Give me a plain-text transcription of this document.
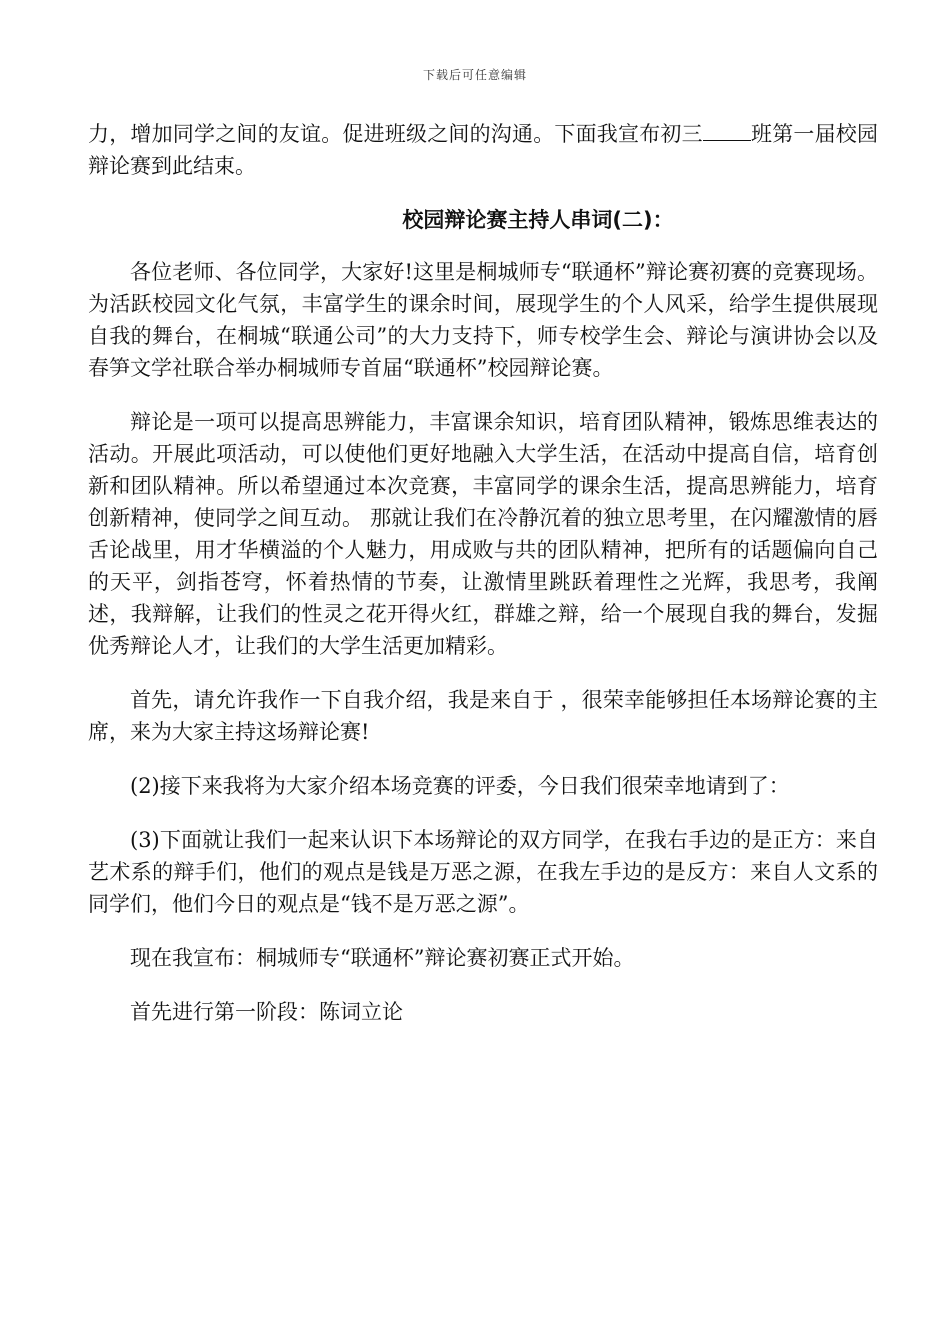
下载后可任意编辑

力，增加同学之间的友谊。促进班级之间的沟通。下面我宣布初三 班第一届校园辩论赛到此结束。

校园辩论赛主持人串词(二)：

各位老师、各位同学，大家好!这里是桐城师专“联通杯”辩论赛初赛的竞赛现场。为活跃校园文化气氛，丰富学生的课余时间，展现学生的个人风采，给学生提供展现自我的舞台，在桐城“联通公司”的大力支持下，师专校学生会、辩论与演讲协会以及春笋文学社联合举办桐城师专首届“联通杯”校园辩论赛。

辩论是一项可以提高思辨能力，丰富课余知识，培育团队精神，锻炼思维表达的活动。开展此项活动，可以使他们更好地融入大学生活，在活动中提高自信，培育创新和团队精神。所以希望通过本次竞赛，丰富同学的课余生活，提高思辨能力，培育创新精神，使同学之间互动。 那就让我们在冷静沉着的独立思考里，在闪耀激情的唇舌论战里，用才华横溢的个人魅力，用成败与共的团队精神，把所有的话题偏向自己的天平，剑指苍穹，怀着热情的节奏，让激情里跳跃着理性之光辉，我思考，我阐述，我辩解，让我们的性灵之花开得火红，群雄之辩，给一个展现自我的舞台，发掘优秀辩论人才，让我们的大学生活更加精彩。

首先，请允许我作一下自我介绍，我是来自于 ，很荣幸能够担任本场辩论赛的主席，来为大家主持这场辩论赛!

(2)接下来我将为大家介绍本场竞赛的评委，今日我们很荣幸地请到了：

(3)下面就让我们一起来认识下本场辩论的双方同学，在我右手边的是正方：来自艺术系的辩手们，他们的观点是钱是万恶之源，在我左手边的是反方：来自人文系的同学们，他们今日的观点是“钱不是万恶之源”。

现在我宣布：桐城师专“联通杯”辩论赛初赛正式开始。

首先进行第一阶段：陈词立论
